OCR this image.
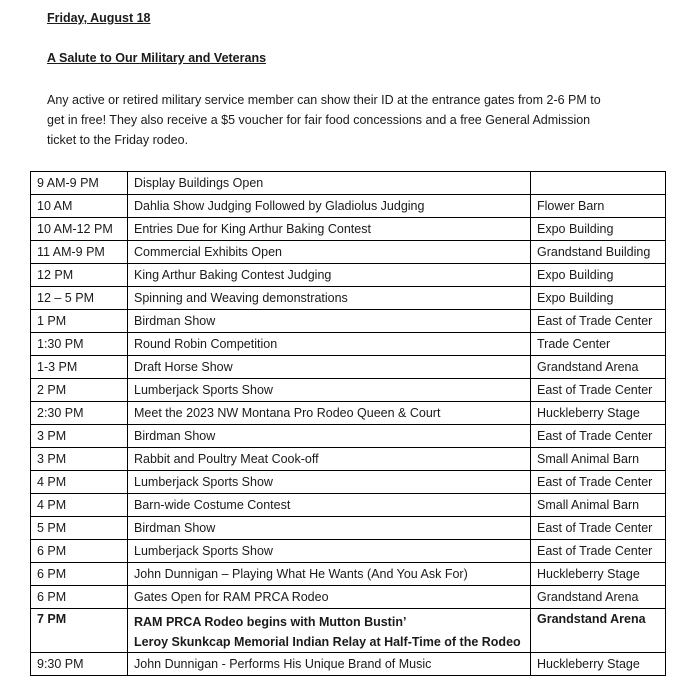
Friday, August 18
A Salute to Our Military and Veterans
Any active or retired military service member can show their ID at the entrance gates from 2-6 PM to
get in free! They also receive a $5 voucher for fair food concessions and a free General Admission
ticket to the Friday rodeo.
9 AM-9 PM	Display Buildings Open	
10 AM	Dahlia Show Judging Followed by Gladiolus Judging	Flower Barn
10 AM-12 PM	Entries Due for King Arthur Baking Contest	Expo Building
11 AM-9 PM	Commercial Exhibits Open	Grandstand Building
12 PM	King Arthur Baking Contest Judging	Expo Building
12 – 5 PM	Spinning and Weaving demonstrations	Expo Building
1 PM	Birdman Show	East of Trade Center
1:30 PM	Round Robin Competition	Trade Center
1-3 PM	Draft Horse Show	Grandstand Arena
2 PM	Lumberjack Sports Show	East of Trade Center
2:30 PM	Meet the 2023 NW Montana Pro Rodeo Queen & Court	Huckleberry Stage
3 PM	Birdman Show	East of Trade Center
3 PM	Rabbit and Poultry Meat Cook-off	Small Animal Barn
4 PM	Lumberjack Sports Show	East of Trade Center
4 PM	Barn-wide Costume Contest	Small Animal Barn
5 PM	Birdman Show	East of Trade Center
6 PM	Lumberjack Sports Show	East of Trade Center
6 PM	John Dunnigan – Playing What He Wants (And You Ask For)	Huckleberry Stage
6 PM	Gates Open for RAM PRCA Rodeo	Grandstand Arena
7 PM	RAM PRCA Rodeo begins with Mutton Bustin’
Leroy Skunkcap Memorial Indian Relay at Half-Time of the Rodeo	Grandstand Arena
9:30 PM	John Dunnigan - Performs His Unique Brand of Music	Huckleberry Stage
